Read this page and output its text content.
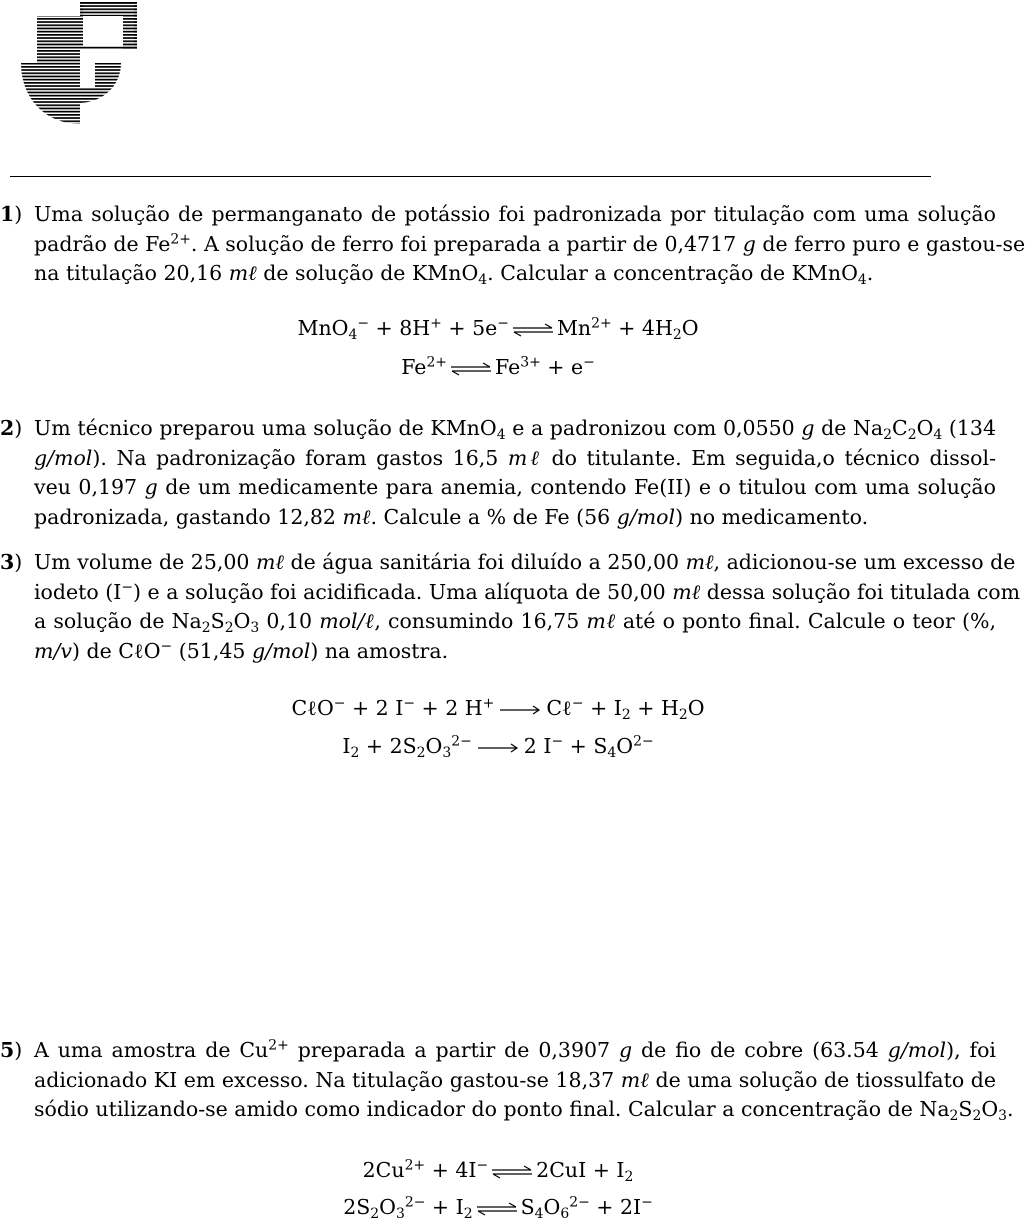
1) Uma solução de permanganato de potássio foi padronizada por titulação com uma solução
padrão de $Fe^{2+}$. A solução de ferro foi preparada a partir de 0,4717 g de ferro puro e gastou-se
na titulação 20,16 mℓ de solução de KMnO$_4$. Calcular a concentração de KMnO$_4$.
MnO$_4$− + 8H+ + 5e− ⇌ $Mn^{2+} + 4H_2O$
$Fe^{2+}$ ⇌ $Fe^{3+} + e^-$
2) Um técnico preparou uma solução de KMnO$_4$ e a padronizou com 0,0550 g de $Na_2C_2O_4$ (134
g/mol). Na padronização foram gastos 16,5 mℓ do titulante. Em seguida,o técnico dissol-
veu 0,197 g de um medicamente para anemia, contendo Fe(II) e o titulou com uma solução
padronizada, gastando 12,82 mℓ. Calcule a % de Fe (56 g/mol) no medicamento.
3) Um volume de 25,00 mℓ de água sanitária foi diluído a 250,00 mℓ, adicionou-se um excesso de
iodeto (I−) e a solução foi acidificada. Uma alíquota de 50,00 mℓ dessa solução foi titulada com
a solução de $Na_2S_2O_3$ 0,10 mol/ℓ, consumindo 16,75 mℓ até o ponto final. Calcule o teor (%,
m/v) de CℓO− (51,45 g/mol) na amostra.
CℓO− + 2 I− + 2 H+ → Cℓ− + $I_2 + H_2O$
$I_2 + 2S_2O_3^{2-} \to 2$ $I^- + S_4O^{2-}$
5) A uma amostra de $Cu^{2+}$ preparada a partir de 0,3907 g de fio de cobre (63.54 g/mol), foi
adicionado KI em excesso. Na titulação gastou-se 18,37 mℓ de uma solução de tiossulfato de
sódio utilizando-se amido como indicador do ponto final. Calcular a concentração de $Na_2S_2O_3$.
$2Cu^{2+} + 4I^-$ ⇌ $2CuI + I_2$
$2S_2O_3^{2-} + I_2$ ⇌ $S_4O_6^{2-} + 2I^-$
